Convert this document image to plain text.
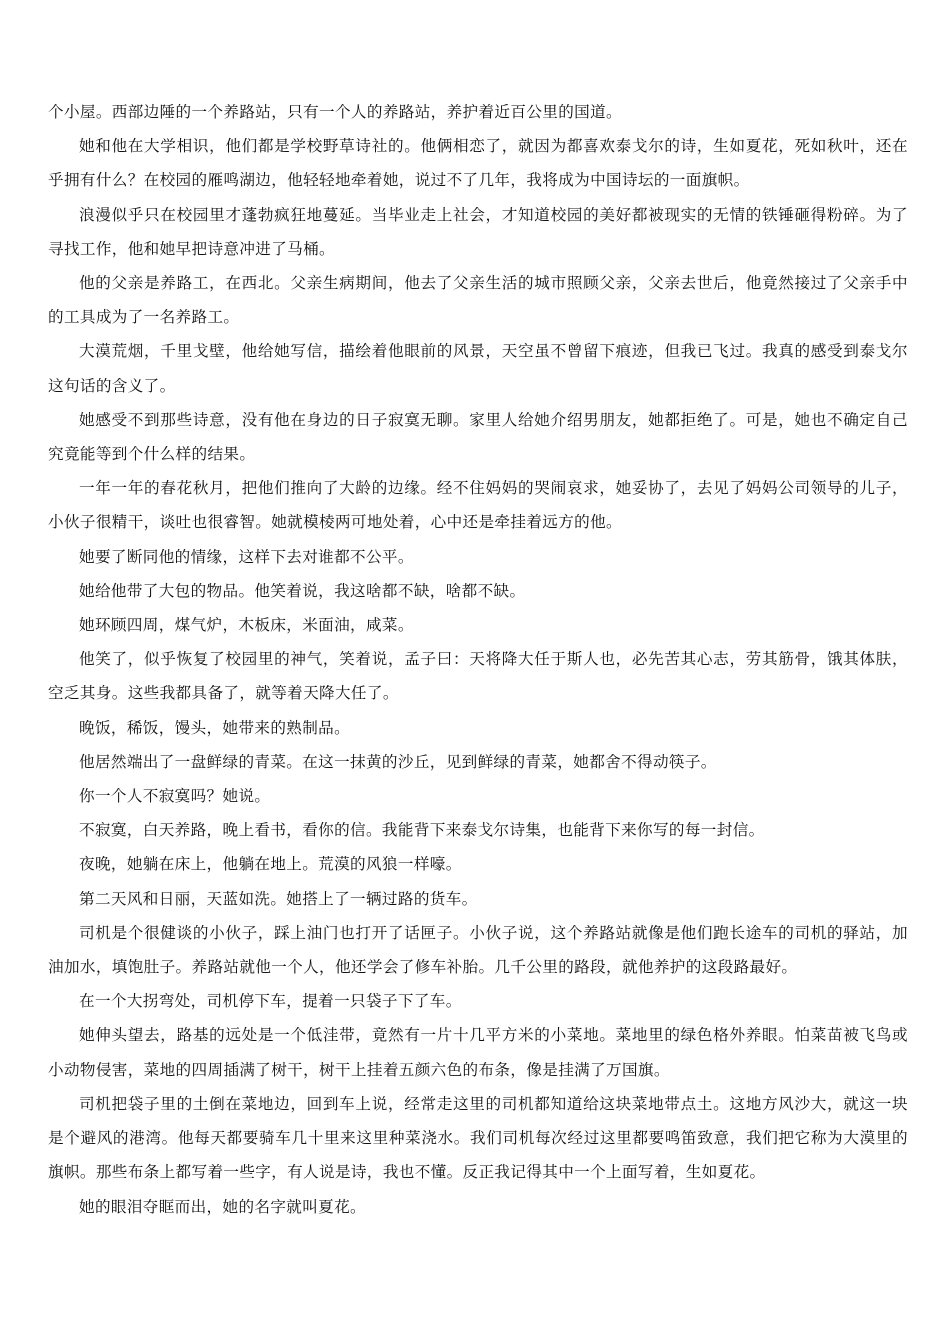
个小屋。西部边陲的一个养路站，只有一个人的养路站，养护着近百公里的国道。

她和他在大学相识，他们都是学校野草诗社的。他俩相恋了，就因为都喜欢泰戈尔的诗，生如夏花，死如秋叶，还在乎拥有什么？在校园的雁鸣湖边，他轻轻地牵着她，说过不了几年，我将成为中国诗坛的一面旗帜。

浪漫似乎只在校园里才蓬勃疯狂地蔓延。当毕业走上社会，才知道校园的美好都被现实的无情的铁锤砸得粉碎。为了寻找工作，他和她早把诗意冲进了马桶。

他的父亲是养路工，在西北。父亲生病期间，他去了父亲生活的城市照顾父亲，父亲去世后，他竟然接过了父亲手中的工具成为了一名养路工。

大漠荒烟，千里戈壁，他给她写信，描绘着他眼前的风景，天空虽不曾留下痕迹，但我已飞过。我真的感受到泰戈尔这句话的含义了。

她感受不到那些诗意，没有他在身边的日子寂寞无聊。家里人给她介绍男朋友，她都拒绝了。可是，她也不确定自己究竟能等到个什么样的结果。

一年一年的春花秋月，把他们推向了大龄的边缘。经不住妈妈的哭闹哀求，她妥协了，去见了妈妈公司领导的儿子，小伙子很精干，谈吐也很睿智。她就模棱两可地处着，心中还是牵挂着远方的他。

她要了断同他的情缘，这样下去对谁都不公平。

她给他带了大包的物品。他笑着说，我这啥都不缺，啥都不缺。

她环顾四周，煤气炉，木板床，米面油，咸菜。

他笑了，似乎恢复了校园里的神气，笑着说，孟子曰：天将降大任于斯人也，必先苦其心志，劳其筋骨，饿其体肤，空乏其身。这些我都具备了，就等着天降大任了。

晚饭，稀饭，馒头，她带来的熟制品。

他居然端出了一盘鲜绿的青菜。在这一抹黄的沙丘，见到鲜绿的青菜，她都舍不得动筷子。

你一个人不寂寞吗？她说。

不寂寞，白天养路，晚上看书，看你的信。我能背下来泰戈尔诗集，也能背下来你写的每一封信。

夜晚，她躺在床上，他躺在地上。荒漠的风狼一样嚎。

第二天风和日丽，天蓝如洗。她搭上了一辆过路的货车。

司机是个很健谈的小伙子，踩上油门也打开了话匣子。小伙子说，这个养路站就像是他们跑长途车的司机的驿站，加油加水，填饱肚子。养路站就他一个人，他还学会了修车补胎。几千公里的路段，就他养护的这段路最好。

在一个大拐弯处，司机停下车，提着一只袋子下了车。

她伸头望去，路基的远处是一个低洼带，竟然有一片十几平方米的小菜地。菜地里的绿色格外养眼。怕菜苗被飞鸟或小动物侵害，菜地的四周插满了树干，树干上挂着五颜六色的布条，像是挂满了万国旗。

司机把袋子里的土倒在菜地边，回到车上说，经常走这里的司机都知道给这块菜地带点土。这地方风沙大，就这一块是个避风的港湾。他每天都要骑车几十里来这里种菜浇水。我们司机每次经过这里都要鸣笛致意，我们把它称为大漠里的旗帜。那些布条上都写着一些字，有人说是诗，我也不懂。反正我记得其中一个上面写着，生如夏花。

她的眼泪夺眶而出，她的名字就叫夏花。
